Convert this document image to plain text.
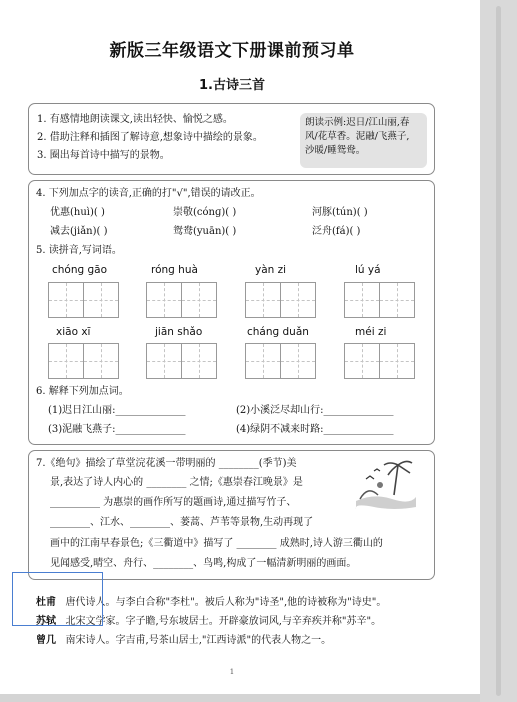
新版三年级语文下册课前预习单
1.古诗三首
1. 有感情地朗读课文,读出轻快、愉悦之感。
2. 借助注释和插图了解诗意,想象诗中描绘的景象。
3. 圈出每首诗中描写的景物。
朗读示例:迟日/江山丽,春
风/花草香。泥融/飞燕子,
沙暖/睡鸳鸯。
4. 下列加点字的读音,正确的打"√",错误的请改正。
优惠(huì)( )	崇敬(cónɡ)( )	河豚(tún)( )
减去(jiǎn)( )	鸳鸯(yuān)( )	泛舟(fá)( )
5. 读拼音,写词语。
chónɡ ɡāo	rónɡ huà	yàn zi	lú yá
xiāo xī	jiān shǎo	chánɡ duǎn	méi zi
6. 解释下列加点词。
(1)迟日江山丽:______________	(2)小溪泛尽却山行:______________
(3)泥融飞燕子:______________	(4)绿阴不减来时路:______________
7.《绝句》描绘了草堂浣花溪一带明丽的 ________(季节)美
景,表达了诗人内心的 ________ 之情;《惠崇春江晚景》是
__________ 为惠崇的画作所写的题画诗,通过描写竹子、
________、江水、________、蒌蒿、芦苇等景物,生动再现了
画中的江南早春景色;《三衢道中》描写了 ________ 成熟时,诗人游三衢山的
见闻感受,晴空、舟行、________、鸟鸣,构成了一幅清新明丽的画面。
杜甫 唐代诗人。与李白合称"李杜"。被后人称为"诗圣",他的诗被称为"诗史"。
苏轼 北宋文学家。字子瞻,号东坡居士。开辟豪放词风,与辛弃疾并称"苏辛"。
曾几 南宋诗人。字吉甫,号茶山居士,"江西诗派"的代表人物之一。
1
